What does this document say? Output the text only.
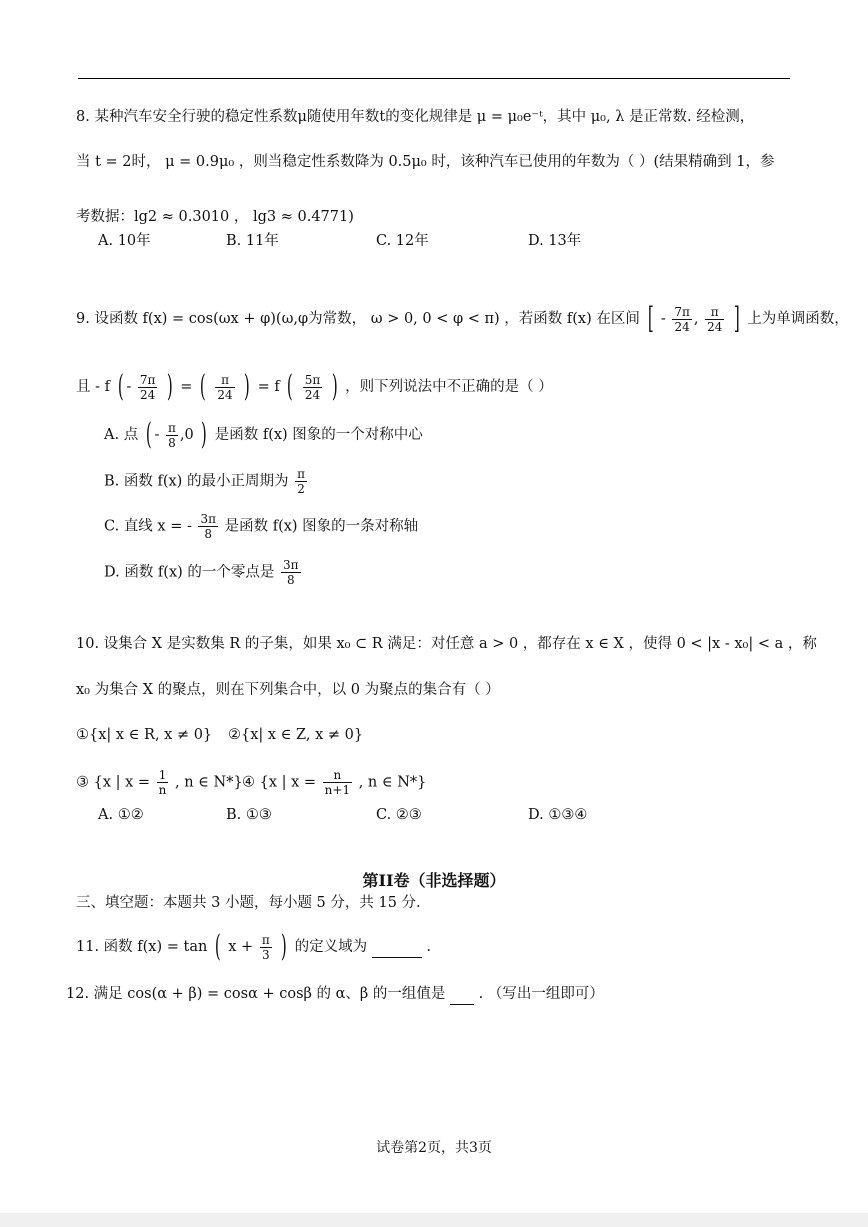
8. 某种汽车安全行驶的稳定性系数μ随使用年数t的变化规律是 μ = μ₀e⁻ᵗ，其中 μ₀, λ 是正常数. 经检测，
当 t = 2时， μ = 0.9μ₀ ，则当稳定性系数降为 0.5μ₀ 时，该种汽车已使用的年数为（ ）(结果精确到 1，参
考数据：lg2 ≈ 0.3010 ， lg3 ≈ 0.4771)
A. 10年	B. 11年	C. 12年	D. 13年
9. 设函数 f(x) = cos(ωx + φ)(ω,φ为常数， ω > 0, 0 < φ < π) ，若函数 f(x) 在区间 [ - $\frac{7\pi}{24}$ , $\frac{\pi}{24}$ ] 上为单调函数，
且 - f ( - $\frac{7\pi}{24}$ ) = ( $\frac{\pi}{24}$ ) = f ( $\frac{5\pi}{24}$ ) ，则下列说法中不正确的是（ ）
A. 点 ( - $\frac{\pi}{8} ,0$ ) 是函数 f(x) 图象的一个对称中心
B. 函数 f(x) 的最小正周期为 $\frac{\pi}{2}$
C. 直线 x = - $\frac{3\pi}{8}$ 是函数 f(x) 图象的一条对称轴
D. 函数 f(x) 的一个零点是 $\frac{3\pi}{8}$
10. 设集合 X 是实数集 R 的子集，如果 x₀ ⊂ R 满足：对任意 a > 0 ，都存在 x ∈ X ，使得 0 < |x - x₀| < a ，称
x₀ 为集合 X 的聚点，则在下列集合中，以 0 为聚点的集合有（ ）
①{x| x ∈ R, x ≠ 0} ②{x| x ∈ Z, x ≠ 0}
③ {x | $x = \frac{1}{n}$ , n ∈ N*} ④ {x | $x = \frac{n}{n+1}$ , n ∈ N*}
A. ①②	B. ①③	C. ②③	D. ①③④
第II卷（非选择题）
三、填空题：本题共 3 小题，每小题 5 分，共 15 分.
11. 函数 f(x) = tan ( $x + \frac{\pi}{3}$ ) 的定义域为	.
12. 满足 cos(α + β) = cosα + cosβ 的 α、β 的一组值是 . （写出一组即可）
试卷第2页，共3页
